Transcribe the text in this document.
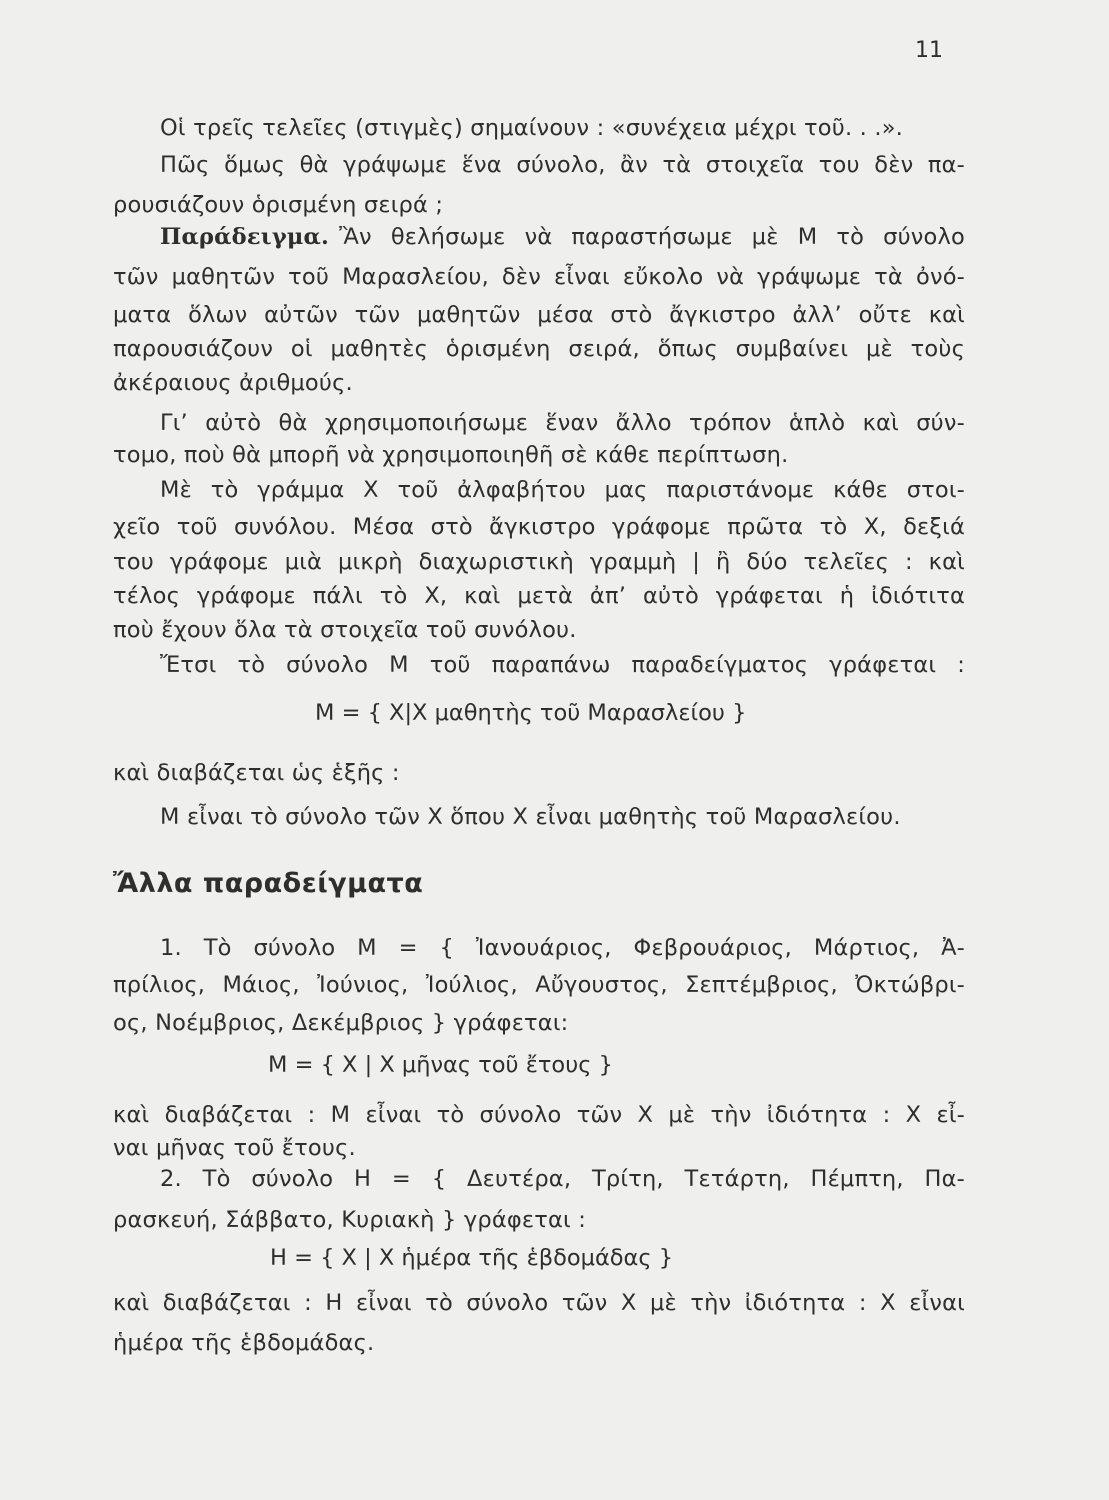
11
Οἱ τρεῖς τελεῖες (στιγμὲς) σημαίνουν : «συνέχεια μέχρι τοῦ. . .».
Πῶς ὅμως θὰ γράψωμε ἕνα σύνολο, ἂν τὰ στοιχεῖα του δὲν πα-
ρουσιάζουν ὁρισμένη σειρά ;
Παράδειγμα. Ἂν θελήσωμε νὰ παραστήσωμε μὲ Μ τὸ σύνολο
τῶν μαθητῶν τοῦ Μαρασλείου, δὲν εἶναι εὔκολο νὰ γράψωμε τὰ ὀνό-
ματα ὅλων αὐτῶν τῶν μαθητῶν μέσα στὸ ἄγκιστρο ἀλλ’ οὔτε καὶ
παρουσιάζουν οἱ μαθητὲς ὁρισμένη σειρά, ὅπως συμβαίνει μὲ τοὺς
ἀκέραιους ἀριθμούς.
Γι’ αὐτὸ θὰ χρησιμοποιήσωμε ἕναν ἄλλο τρόπον ἁπλὸ καὶ σύν-
τομο, ποὺ θὰ μπορῆ νὰ χρησιμοποιηθῆ σὲ κάθε περίπτωση.
Μὲ τὸ γράμμα Χ τοῦ ἀλφαβήτου μας παριστάνομε κάθε στοι-
χεῖο τοῦ συνόλου. Μέσα στὸ ἄγκιστρο γράφομε πρῶτα τὸ Χ, δεξιά
του γράφομε μιὰ μικρὴ διαχωριστικὴ γραμμὴ | ἢ δύο τελεῖες : καὶ
τέλος γράφομε πάλι τὸ Χ, καὶ μετὰ ἀπ’ αὐτὸ γράφεται ἡ ἰδιότιτα
ποὺ ἔχουν ὅλα τὰ στοιχεῖα τοῦ συνόλου.
Ἔτσι τὸ σύνολο Μ τοῦ παραπάνω παραδείγματος γράφεται :
Μ = { Χ|Χ μαθητὴς τοῦ Μαρασλείου }
καὶ διαβάζεται ὡς ἑξῆς :
Μ εἶναι τὸ σύνολο τῶν Χ ὅπου Χ εἶναι μαθητὴς τοῦ Μαρασλείου.
Ἄλλα παραδείγματα
1. Τὸ σύνολο Μ = { Ἰανουάριος, Φεβρουάριος, Μάρτιος, Ἀ-
πρίλιος, Μάιος, Ἰούνιος, Ἰούλιος, Αὔγουστος, Σεπτέμβριος, Ὀκτώβρι-
ος, Νοέμβριος, Δεκέμβριος } γράφεται:
Μ = { Χ | Χ μῆνας τοῦ ἔτους }
καὶ διαβάζεται : Μ εἶναι τὸ σύνολο τῶν Χ μὲ τὴν ἰδιότητα : Χ εἶ-
ναι μῆνας τοῦ ἔτους.
2. Τὸ σύνολο Η = { Δευτέρα, Τρίτη, Τετάρτη, Πέμπτη, Πα-
ρασκευή, Σάββατο, Κυριακὴ } γράφεται :
Η = { Χ | Χ ἡμέρα τῆς ἑβδομάδας }
καὶ διαβάζεται : Η εἶναι τὸ σύνολο τῶν Χ μὲ τὴν ἰδιότητα : Χ εἶναι
ἡμέρα τῆς ἑβδομάδας.
